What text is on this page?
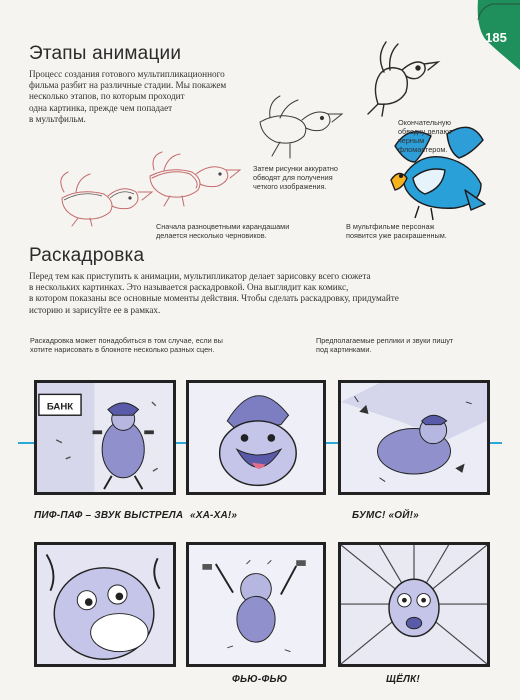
185
Этапы анимации
Процесс создания готового мультипликационного
фильма разбит на различные стадии. Мы покажем
несколько этапов, по которым проходит
одна картинка, прежде чем попадает
в мультфильм.	Окончательную
обводку делают
черным
фломастером.
Затем рисунки аккуратно
обводят для получения
четкого изображения.
Сначала разноцветными карандашами
делается несколько черновиков.
В мультфильме персонаж
появится уже раскрашенным.
Раскадровка
Перед тем как приступить к анимации, мультипликатор делает зарисовку всего сюжета
в нескольких картинках. Это называется раскадровкой. Она выглядит как комикс,
в котором показаны все основные моменты действия. Чтобы сделать раскадровку, придумайте
историю и зарисуйте ее в рамках.
Раскадровка может понадобиться в том случае, если вы
хотите нарисовать в блокноте несколько разных сцен.
Предполагаемые реплики и звуки пишут
под картинками.
БАНК
ПИФ-ПАФ – ЗВУК ВЫСТРЕЛА «ХА-ХА!»	БУМС! «ОЙ!»
ФЬЮ-ФЬЮ	ЩЁЛК!
